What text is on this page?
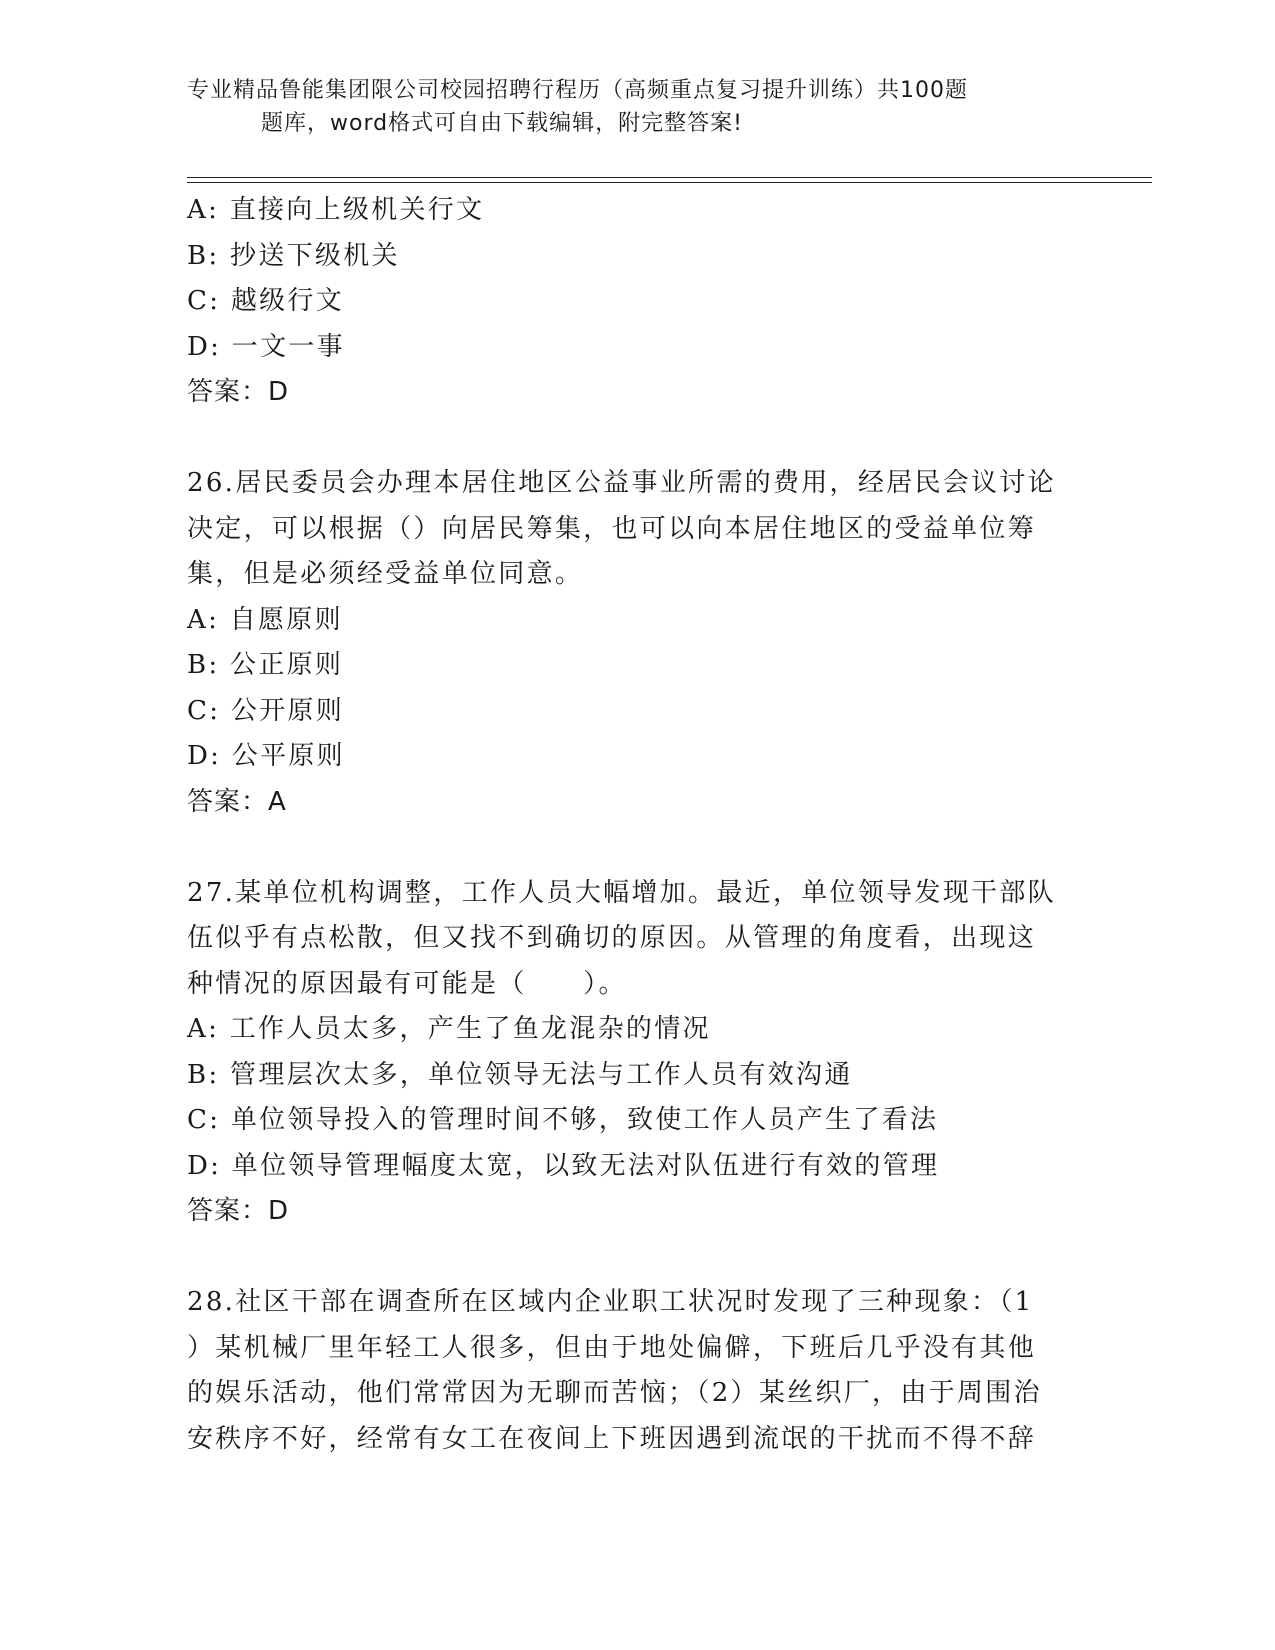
专业精品鲁能集团限公司校园招聘行程历（高频重点复习提升训练）共100题
题库，word格式可自由下载编辑，附完整答案!
A: 直接向上级机关行文
B: 抄送下级机关
C: 越级行文
D: 一文一事
答案：D
26.居民委员会办理本居住地区公益事业所需的费用，经居民会议讨论
决定，可以根据（）向居民筹集，也可以向本居住地区的受益单位筹
集，但是必须经受益单位同意。
A: 自愿原则
B: 公正原则
C: 公开原则
D: 公平原则
答案：A
27.某单位机构调整，工作人员大幅增加。最近，单位领导发现干部队
伍似乎有点松散，但又找不到确切的原因。从管理的角度看，出现这
种情况的原因最有可能是（　　）。
A: 工作人员太多，产生了鱼龙混杂的情况
B: 管理层次太多，单位领导无法与工作人员有效沟通
C: 单位领导投入的管理时间不够，致使工作人员产生了看法
D: 单位领导管理幅度太宽，以致无法对队伍进行有效的管理
答案：D
28.社区干部在调查所在区域内企业职工状况时发现了三种现象：（1
）某机械厂里年轻工人很多，但由于地处偏僻，下班后几乎没有其他
的娱乐活动，他们常常因为无聊而苦恼；（2）某丝织厂，由于周围治
安秩序不好，经常有女工在夜间上下班因遇到流氓的干扰而不得不辞
